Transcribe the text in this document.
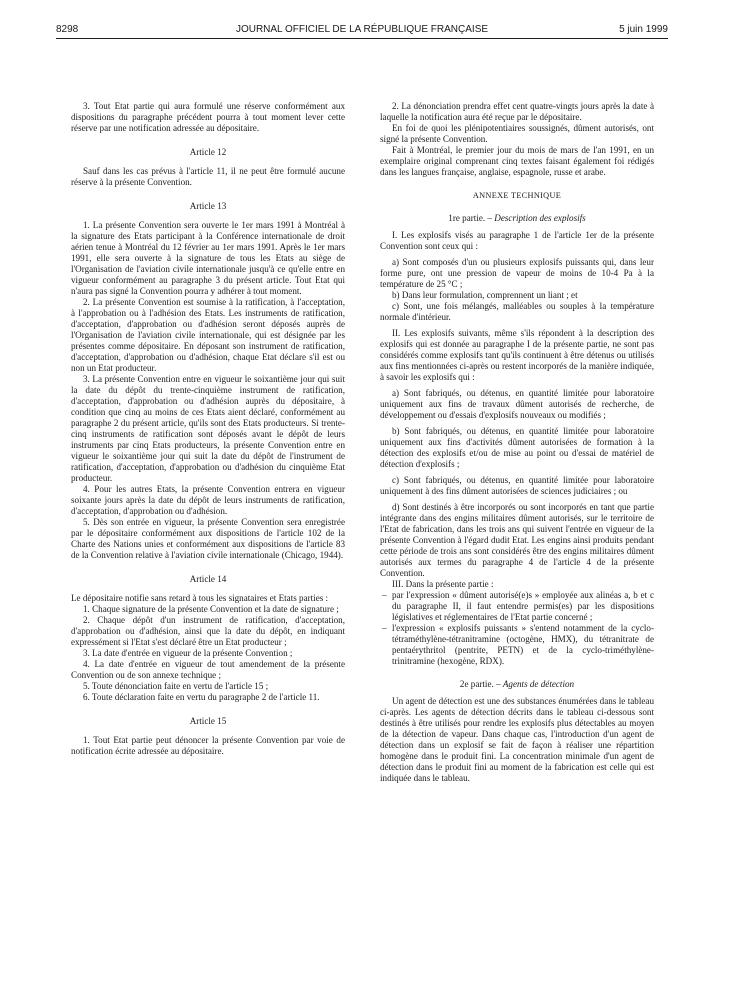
8298	JOURNAL OFFICIEL DE LA RÉPUBLIQUE FRANÇAISE	5 juin 1999

3. Tout Etat partie qui aura formulé une réserve conformément aux dispositions du paragraphe précédent pourra à tout moment lever cette réserve par une notification adressée au dépositaire.

Article 12

Sauf dans les cas prévus à l'article 11, il ne peut être formulé aucune réserve à la présente Convention.

Article 13

1. La présente Convention sera ouverte le 1er mars 1991 à Montréal à la signature des Etats participant à la Conférence internationale de droit aérien tenue à Montréal du 12 février au 1er mars 1991. Après le 1er mars 1991, elle sera ouverte à la signature de tous les Etats au siège de l'Organisation de l'aviation civile internationale jusqu'à ce qu'elle entre en vigueur conformément au paragraphe 3 du présent article. Tout Etat qui n'aura pas signé la Convention pourra y adhérer à tout moment.

2. La présente Convention est soumise à la ratification, à l'acceptation, à l'approbation ou à l'adhésion des Etats. Les instruments de ratification, d'acceptation, d'approbation ou d'adhésion seront déposés auprès de l'Organisation de l'aviation civile internationale, qui est désignée par les présentes comme dépositaire. En déposant son instrument de ratification, d'acceptation, d'approbation ou d'adhésion, chaque Etat déclare s'il est ou non un Etat producteur.

3. La présente Convention entre en vigueur le soixantième jour qui suit la date du dépôt du trente-cinquième instrument de ratification, d'acceptation, d'approbation ou d'adhésion auprès du dépositaire, à condition que cinq au moins de ces Etats aient déclaré, conformément au paragraphe 2 du présent article, qu'ils sont des Etats producteurs. Si trente-cinq instruments de ratification sont déposés avant le dépôt de leurs instruments par cinq Etats producteurs, la présente Convention entre en vigueur le soixantième jour qui suit la date du dépôt de l'instrument de ratification, d'acceptation, d'approbation ou d'adhésion du cinquième Etat producteur.

4. Pour les autres Etats, la présente Convention entrera en vigueur soixante jours après la date du dépôt de leurs instruments de ratification, d'acceptation, d'approbation ou d'adhésion.

5. Dès son entrée en vigueur, la présente Convention sera enregistrée par le dépositaire conformément aux dispositions de l'article 102 de la Charte des Nations unies et conformément aux dispositions de l'article 83 de la Convention relative à l'aviation civile internationale (Chicago, 1944).

Article 14

Le dépositaire notifie sans retard à tous les signataires et Etats parties :

1. Chaque signature de la présente Convention et la date de signature ;

2. Chaque dépôt d'un instrument de ratification, d'acceptation, d'approbation ou d'adhésion, ainsi que la date du dépôt, en indiquant expressément si l'Etat s'est déclaré être un Etat producteur ;

3. La date d'entrée en vigueur de la présente Convention ;

4. La date d'entrée en vigueur de tout amendement de la présente Convention ou de son annexe technique ;

5. Toute dénonciation faite en vertu de l'article 15 ;

6. Toute déclaration faite en vertu du paragraphe 2 de l'article 11.

Article 15

1. Tout Etat partie peut dénoncer la présente Convention par voie de notification écrite adressée au dépositaire.

2. La dénonciation prendra effet cent quatre-vingts jours après la date à laquelle la notification aura été reçue par le dépositaire.

En foi de quoi les plénipotentiaires soussignés, dûment autorisés, ont signé la présente Convention.

Fait à Montréal, le premier jour du mois de mars de l'an 1991, en un exemplaire original comprenant cinq textes faisant également foi rédigés dans les langues française, anglaise, espagnole, russe et arabe.

ANNEXE TECHNIQUE
1re partie. – Description des explosifs

I. Les explosifs visés au paragraphe 1 de l'article 1er de la présente Convention sont ceux qui :

a) Sont composés d'un ou plusieurs explosifs puissants qui, dans leur forme pure, ont une pression de vapeur de moins de 10-4 Pa à la température de 25 °C ;

b) Dans leur formulation, comprennent un liant ; et

c) Sont, une fois mélangés, malléables ou souples à la température normale d'intérieur.

II. Les explosifs suivants, même s'ils répondent à la description des explosifs qui est donnée au paragraphe I de la présente partie, ne sont pas considérés comme explosifs tant qu'ils continuent à être détenus ou utilisés aux fins mentionnées ci-après ou restent incorporés de la manière indiquée, à savoir les explosifs qui :

a) Sont fabriqués, ou détenus, en quantité limitée pour laboratoire uniquement aux fins de travaux dûment autorisés de recherche, de développement ou d'essais d'explosifs nouveaux ou modifiés ;

b) Sont fabriqués, ou détenus, en quantité limitée pour laboratoire uniquement aux fins d'activités dûment autorisées de formation à la détection des explosifs et/ou de mise au point ou d'essai de matériel de détection d'explosifs ;

c) Sont fabriqués, ou détenus, en quantité limitée pour laboratoire uniquement à des fins dûment autorisées de sciences judiciaires ; ou

d) Sont destinés à être incorporés ou sont incorporés en tant que partie intégrante dans des engins militaires dûment autorisés, sur le territoire de l'Etat de fabrication, dans les trois ans qui suivent l'entrée en vigueur de la présente Convention à l'égard dudit Etat. Les engins ainsi produits pendant cette période de trois ans sont considérés être des engins militaires dûment autorisés aux termes du paragraphe 4 de l'article 4 de la présente Convention.

III. Dans la présente partie :

– par l'expression « dûment autorisé(e)s » employée aux alinéas a, b et c du paragraphe II, il faut entendre permis(es) par les dispositions législatives et réglementaires de l'Etat partie concerné ;
– l'expression « explosifs puissants » s'entend notamment de la cyclo-tétraméthylène-tétranitramine (octogène, HMX), du tétranitrate de pentaérythritol (pentrite, PETN) et de la cyclo-triméthylène-trinitramine (hexogène, RDX).
2e partie. – Agents de détection

Un agent de détection est une des substances énumérées dans le tableau ci-après. Les agents de détection décrits dans le tableau ci-dessous sont destinés à être utilisés pour rendre les explosifs plus détectables au moyen de la détection de vapeur. Dans chaque cas, l'introduction d'un agent de détection dans un explosif se fait de façon à réaliser une répartition homogène dans le produit fini. La concentration minimale d'un agent de détection dans le produit fini au moment de la fabrication est celle qui est indiquée dans le tableau.
